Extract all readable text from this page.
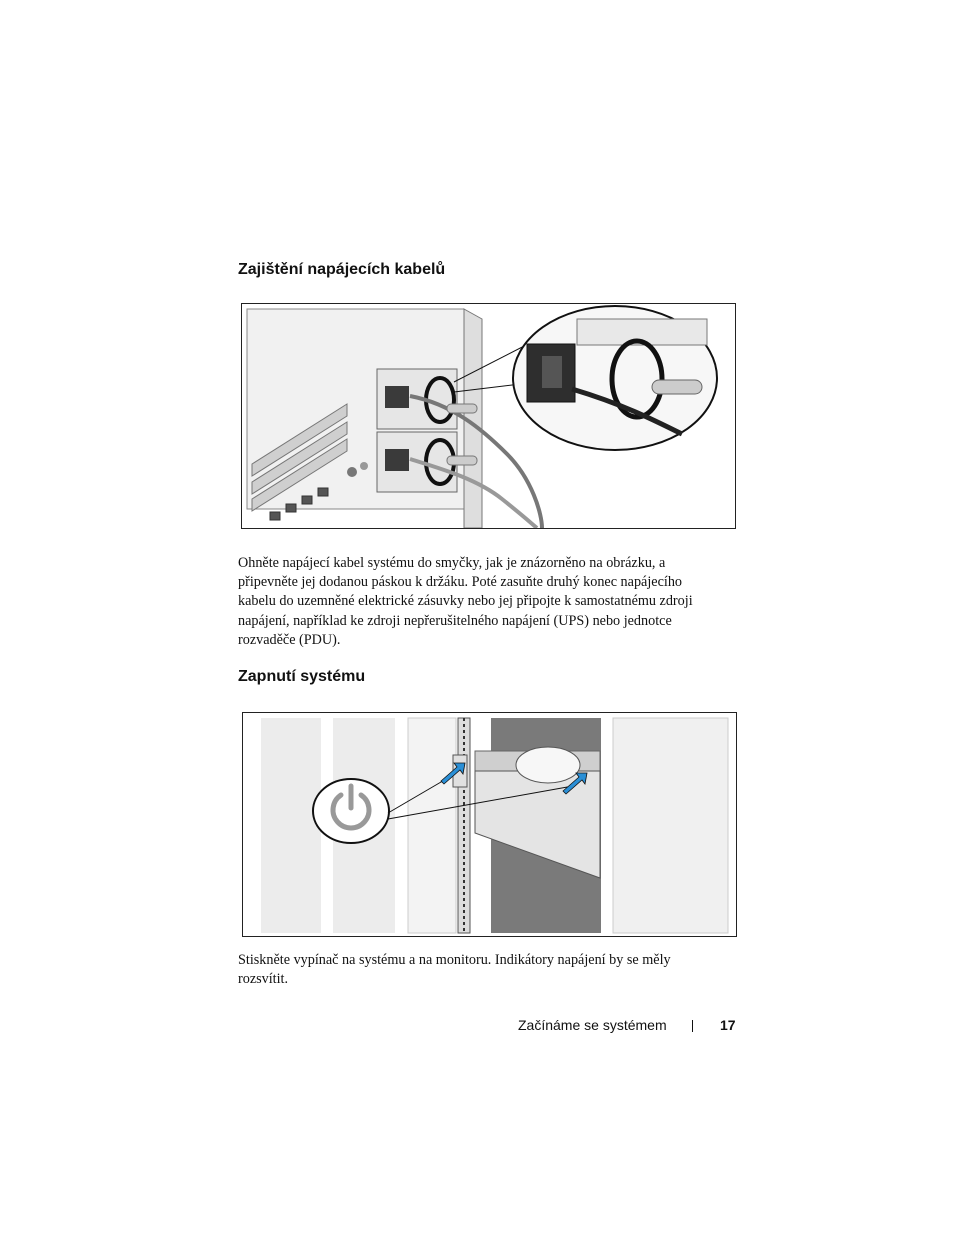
Zajištění napájecích kabelů

Ohněte napájecí kabel systému do smyčky, jak je znázorněno na obrázku, a
připevněte jej dodanou páskou k držáku. Poté zasuňte druhý konec napájecího
kabelu do uzemněné elektrické zásuvky nebo jej připojte k samostatnému zdroji
napájení, například ke zdroji nepřerušitelného napájení (UPS) nebo jednotce
rozvaděče (PDU).

Zapnutí systému

Stiskněte vypínač na systému a na monitoru. Indikátory napájení by se měly
rozsvítit.

Začínáme se systémem	17
